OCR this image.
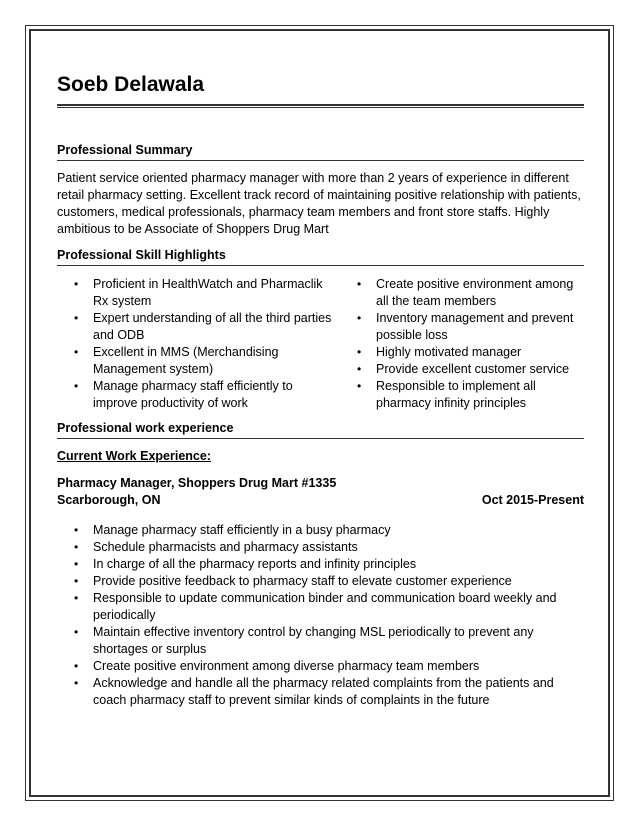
Soeb Delawala
Professional Summary

Patient service oriented pharmacy manager with more than 2 years of experience in different retail pharmacy setting. Excellent track record of maintaining positive relationship with patients, customers, medical professionals, pharmacy team members and front store staffs. Highly ambitious to be Associate of Shoppers Drug Mart

Professional Skill Highlights
• Proficient in HealthWatch and Pharmaclik Rx system
• Expert understanding of all the third parties and ODB
• Excellent in MMS (Merchandising Management system)
• Manage pharmacy staff efficiently to improve productivity of work
• Create positive environment among all the team members
• Inventory management and prevent possible loss
• Highly motivated manager
• Provide excellent customer service
• Responsible to implement all pharmacy infinity principles
Professional work experience
Current Work Experience:
Pharmacy Manager, Shoppers Drug Mart #1335
Scarborough, ON	Oct 2015-Present
• Manage pharmacy staff efficiently in a busy pharmacy
• Schedule pharmacists and pharmacy assistants
• In charge of all the pharmacy reports and infinity principles
• Provide positive feedback to pharmacy staff to elevate customer experience
• Responsible to update communication binder and communication board weekly and periodically
• Maintain effective inventory control by changing MSL periodically to prevent any shortages or surplus
• Create positive environment among diverse pharmacy team members
• Acknowledge and handle all the pharmacy related complaints from the patients and coach pharmacy staff to prevent similar kinds of complaints in the future
